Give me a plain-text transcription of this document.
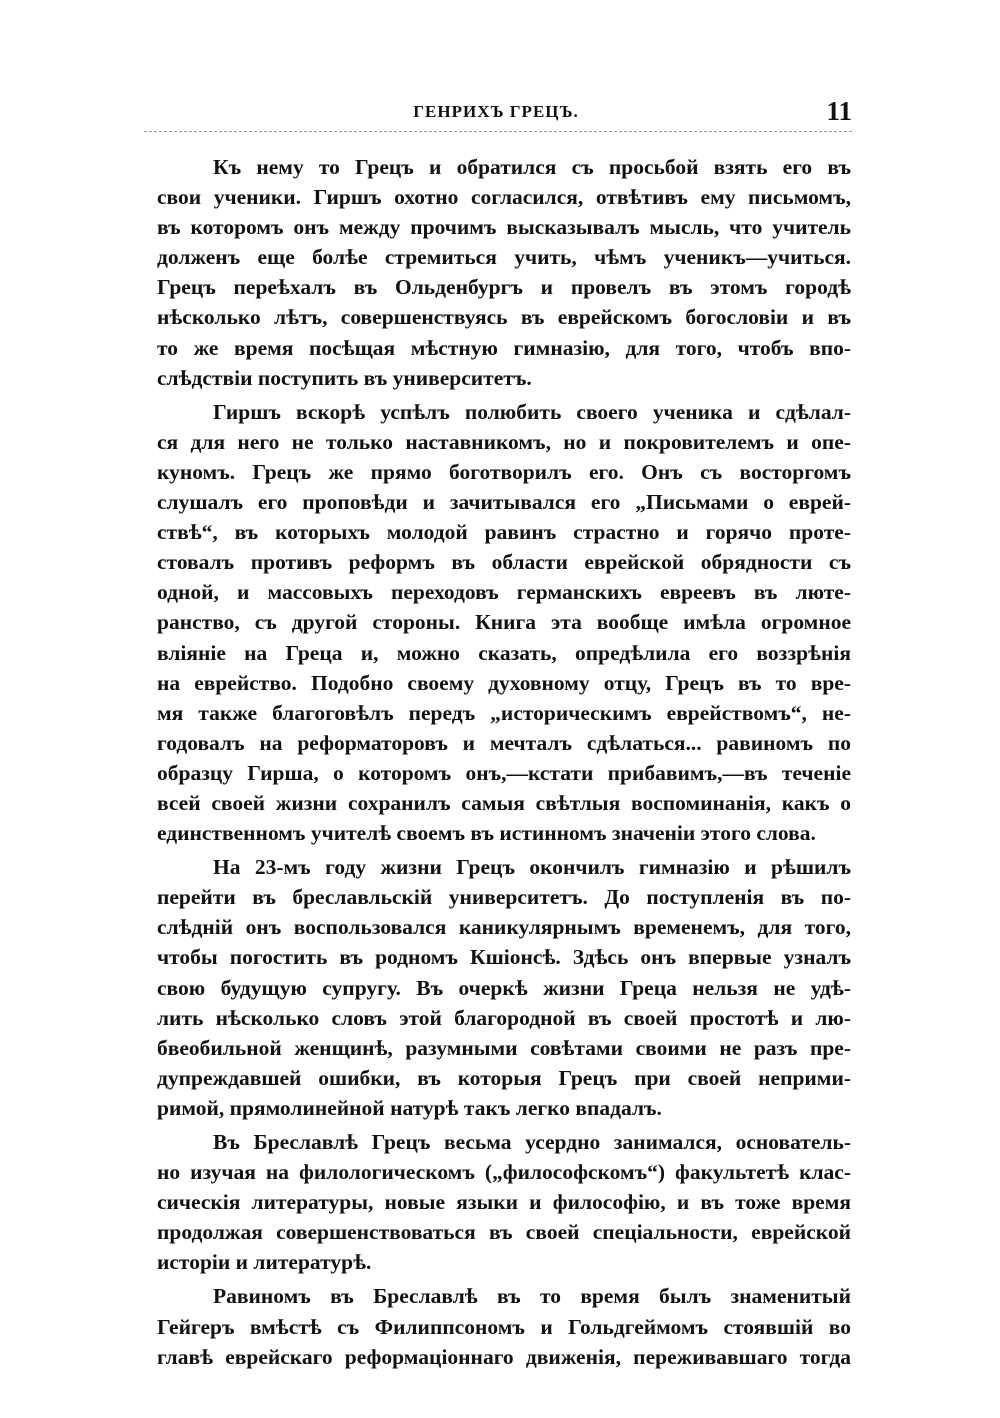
ГЕНРИХЪ ГРЕЦЪ.	11
Къ нему то Грецъ и обратился съ просьбой взять его въ
свои ученики. Гиршъ охотно согласился, отвѣтивъ ему письмомъ,
въ которомъ онъ между прочимъ высказывалъ мысль, что учитель
долженъ еще болѣе стремиться учить, чѣмъ ученикъ—учиться.
Грецъ переѣхалъ въ Ольденбургъ и провелъ въ этомъ городѣ
нѣсколько лѣтъ, совершенствуясь въ еврейскомъ богословіи и въ
то же время посѣщая мѣстную гимназію, для того, чтобъ впо-
слѣдствіи поступить въ университетъ.
Гиршъ вскорѣ успѣлъ полюбить своего ученика и сдѣлал-
ся для него не только наставникомъ, но и покровителемъ и опе-
куномъ. Грецъ же прямо боготворилъ его. Онъ съ восторгомъ
слушалъ его проповѣди и зачитывался его „Письмами о еврей-
ствѣ“, въ которыхъ молодой равинъ страстно и горячо проте-
стовалъ противъ реформъ въ области еврейской обрядности съ
одной, и массовыхъ переходовъ германскихъ евреевъ въ люте-
ранство, съ другой стороны. Книга эта вообще имѣла огромное
вліяніе на Греца и, можно сказать, опредѣлила его воззрѣнія
на еврейство. Подобно своему духовному отцу, Грецъ въ то вре-
мя также благоговѣлъ передъ „историческимъ еврействомъ“, не-
годовалъ на реформаторовъ и мечталъ сдѣлаться... равиномъ по
образцу Гирша, о которомъ онъ,—кстати прибавимъ,—въ теченіе
всей своей жизни сохранилъ самыя свѣтлыя воспоминанія, какъ о
единственномъ учителѣ своемъ въ истинномъ значеніи этого слова.
На 23-мъ году жизни Грецъ окончилъ гимназію и рѣшилъ
перейти въ бреславльскій университетъ. До поступленія въ по-
слѣдній онъ воспользовался каникулярнымъ временемъ, для того,
чтобы погостить въ родномъ Кшіонсѣ. Здѣсь онъ впервые узналъ
свою будущую супругу. Въ очеркѣ жизни Греца нельзя не удѣ-
лить нѣсколько словъ этой благородной въ своей простотѣ и лю-
бвеобильной женщинѣ, разумными совѣтами своими не разъ пре-
дупреждавшей ошибки, въ которыя Грецъ при своей неприми-
римой, прямолинейной натурѣ такъ легко впадалъ.
Въ Бреславлѣ Грецъ весьма усердно занимался, основатель-
но изучая на филологическомъ („философскомъ“) факультетѣ клас-
сическія литературы, новые языки и философію, и въ тоже время
продолжая совершенствоваться въ своей спеціальности, еврейской
исторіи и литературѣ.
Равиномъ въ Бреславлѣ въ то время былъ знаменитый
Гейгеръ вмѣстѣ съ Филиппсономъ и Гольдгеймомъ стоявшій во
главѣ еврейскаго реформаціоннаго движенія, переживавшаго тогда
